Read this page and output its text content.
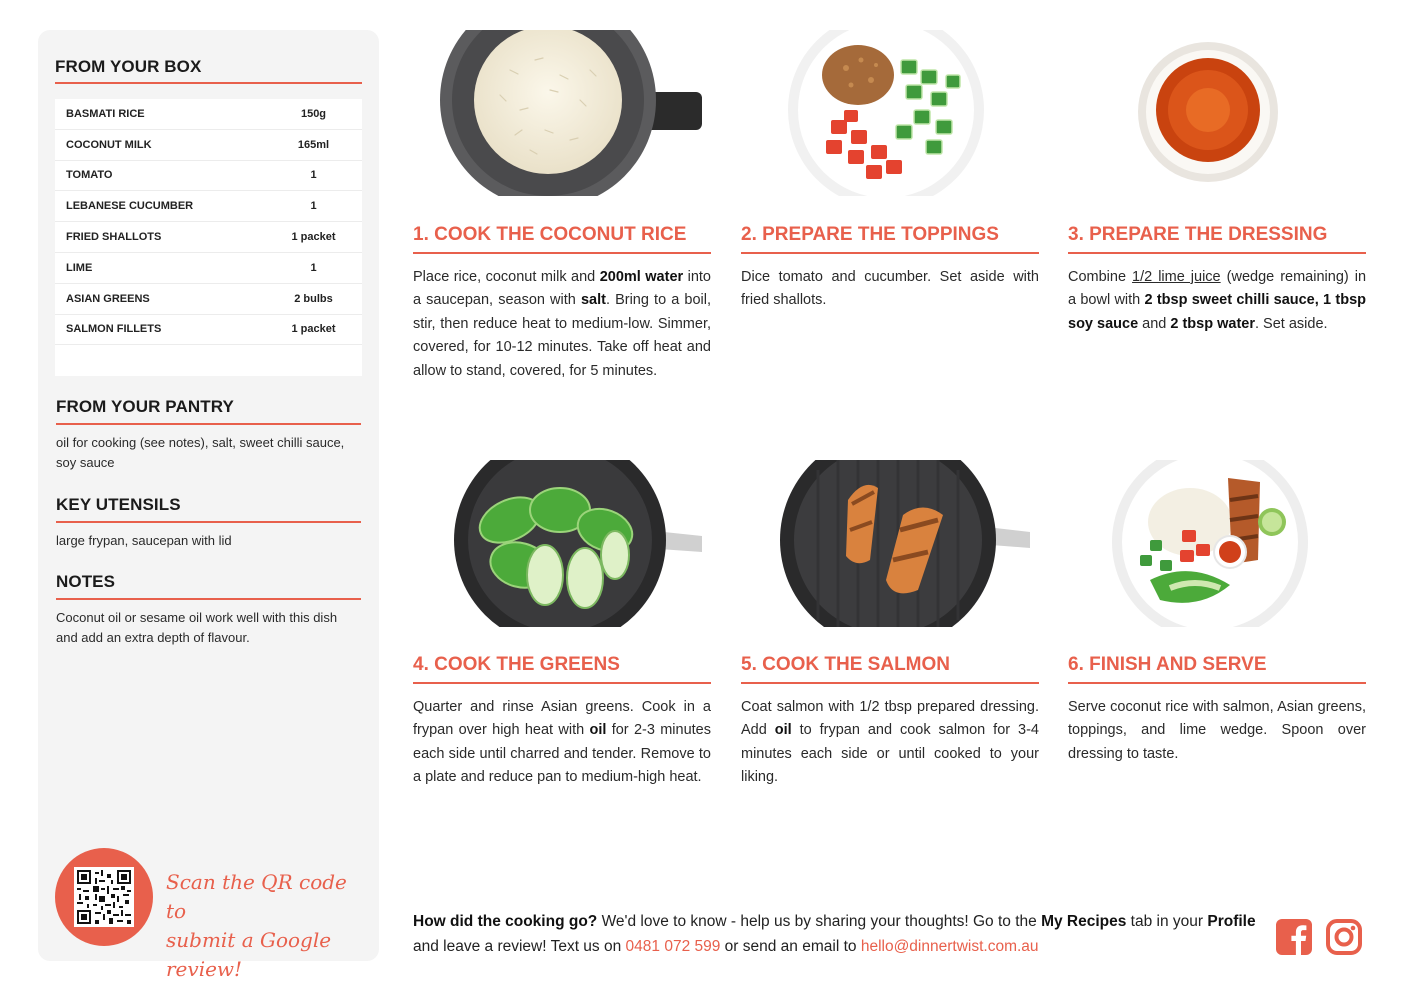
FROM YOUR BOX
BASMATI RICE	150g
COCONUT MILK	165ml
TOMATO	1
LEBANESE CUCUMBER	1
FRIED SHALLOTS	1 packet
LIME	1
ASIAN GREENS	2 bulbs
SALMON FILLETS	1 packet
FROM YOUR PANTRY
oil for cooking (see notes), salt, sweet chilli sauce, soy sauce
KEY UTENSILS
large frypan, saucepan with lid
NOTES
Coconut oil or sesame oil work well with this dish and add an extra depth of flavour.
Scan the QR code to
submit a Google review!
1. COOK THE COCONUT RICE
Place rice, coconut milk and 200ml water into a saucepan, season with salt. Bring to a boil, stir, then reduce heat to medium-low. Simmer, covered, for 10-12 minutes. Take off heat and allow to stand, covered, for 5 minutes.
2. PREPARE THE TOPPINGS
Dice tomato and cucumber. Set aside with fried shallots.
3. PREPARE THE DRESSING
Combine 1/2 lime juice (wedge remaining) in a bowl with 2 tbsp sweet chilli sauce, 1 tbsp soy sauce and 2 tbsp water. Set aside.
4. COOK THE GREENS
Quarter and rinse Asian greens. Cook in a frypan over high heat with oil for 2-3 minutes each side until charred and tender. Remove to a plate and reduce pan to medium-high heat.
5. COOK THE SALMON
Coat salmon with 1/2 tbsp prepared dressing. Add oil to frypan and cook salmon for 3-4 minutes each side or until cooked to your liking.
6. FINISH AND SERVE
Serve coconut rice with salmon, Asian greens, toppings, and lime wedge. Spoon over dressing to taste.
How did the cooking go? We'd love to know - help us by sharing your thoughts! Go to the My Recipes tab in your Profile and leave a review! Text us on 0481 072 599 or send an email to hello@dinnertwist.com.au
